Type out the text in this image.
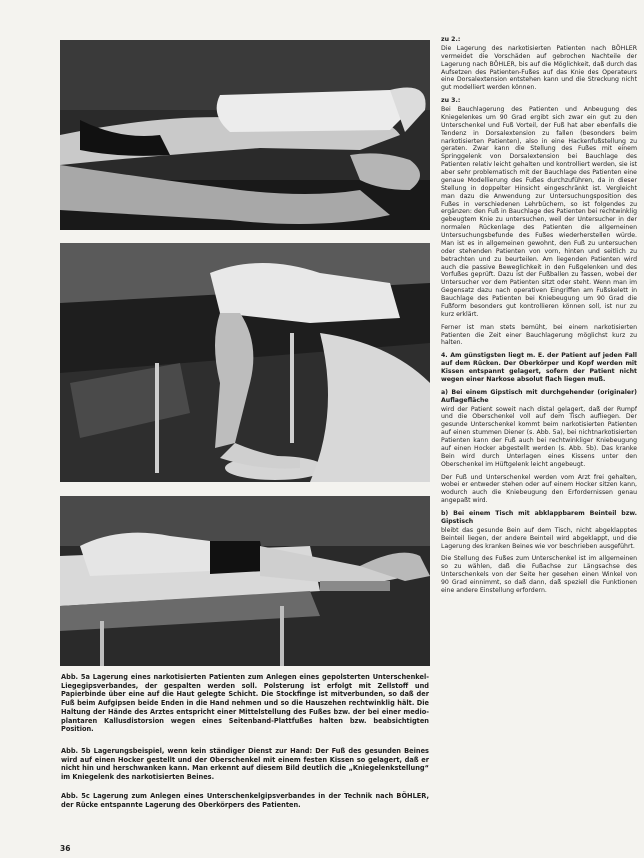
Abb. 5a Lagerung eines narkotisierten Patienten zum Anlegen eines gepolsterten Unterschenkel-Liegegipsverbandes, der gespalten werden soll. Polsterung ist erfolgt mit Zellstoff und Papierbinde über eine auf die Haut gelegte Schicht. Die Stockfinge ist mitverbunden, so daß der Fuß beim Aufgipsen beide Enden in die Hand nehmen und so die Hauszehen rechtwinklig hält. Die Haltung der Hände des Arztes entspricht einer Mittelstellung des Fußes bzw. der bei einer medio-plantaren Kallusdistorsion wegen eines Seitenband-Plattfußes halten bzw. beabsichtigten Position.
Abb. 5b Lagerungsbeispiel, wenn kein ständiger Dienst zur Hand: Der Fuß des gesunden Beines wird auf einen Hocker gestellt und der Oberschenkel mit einem festen Kissen so gelagert, daß er nicht hin und herschwanken kann. Man erkennt auf diesem Bild deutlich die „Kniegelenkstellung“ im Kniegelenk des narkotisierten Beines.
Abb. 5c Lagerung zum Anlegen eines Unterschenkelgipsverbandes in der Technik nach BÖHLER, der Rücke entspannte Lagerung des Oberkörpers des Patienten.
36

zu 2.:

Die Lagerung des narkotisierten Patienten nach BÖHLER vermeidet die Vorschäden auf gebrochen Nachteile der Lagerung nach BÖHLER, bis auf die Möglichkeit, daß durch das Aufsetzen des Patienten-Fußes auf das Knie des Operateurs eine Dorsalextension entstehen kann und die Streckung nicht gut modelliert werden können.

zu 3.:

Bei Bauchlagerung des Patienten und Anbeugung des Kniegelenkes um 90 Grad ergibt sich zwar ein gut zu den Unterschenkel und Fuß Vorteil, der Fuß hat aber ebenfalls die Tendenz in Dorsalextension zu fallen (besonders beim narkotisierten Patienten), also in eine Hackenfußstellung zu geraten. Zwar kann die Stellung des Fußes mit einem Springgelenk von Dorsalextension bei Bauchlage des Patienten relativ leicht gehalten und kontrolliert werden, sie ist aber sehr problematisch mit der Bauchlage des Patienten eine genaue Modellierung des Fußes durchzuführen, da in dieser Stellung in doppelter Hinsicht eingeschränkt ist. Vergleicht man dazu die Anwendung zur Untersuchungsposition des Fußes in verschiedenen Lehrbüchern, so ist folgendes zu ergänzen: den Fuß in Bauchlage des Patienten bei rechtwinklig gebeugtem Knie zu untersuchen, weil der Untersucher in der normalen Rückenlage des Patienten die allgemeinen Untersuchungsbefunde des Fußes wiederherstellen würde. Man ist es in allgemeinen gewohnt, den Fuß zu untersuchen oder stehenden Patienten von vorn, hinten und seitlich zu betrachten und zu beurteilen. Am liegenden Patienten wird auch die passive Beweglichkeit in den Fußgelenken und des Vorfußes geprüft. Dazu ist der Fußballen zu fassen, wobei der Untersucher vor dem Patienten sitzt oder steht. Wenn man im Gegensatz dazu nach operativen Eingriffen am Fußskelett in Bauchlage des Patienten bei Kniebeugung um 90 Grad die Fußform besonders gut kontrollieren können soll, ist nur zu kurz erklärt.

Ferner ist man stets bemüht, bei einem narkotisierten Patienten die Zeit einer Bauchlagerung möglichst kurz zu halten.

4. Am günstigsten liegt m. E. der Patient auf jeden Fall auf dem Rücken. Der Oberkörper und Kopf werden mit Kissen entspannt gelagert, sofern der Patient nicht wegen einer Narkose absolut flach liegen muß.

a) Bei einem Gipstisch mit durchgehender (originaler) Auflagefläche

wird der Patient soweit nach distal gelagert, daß der Rumpf und die Oberschenkel voll auf dem Tisch aufliegen. Der gesunde Unterschenkel kommt beim narkotisierten Patienten auf einen stummen Diener (s. Abb. 5a), bei nichtnarkotisierten Patienten kann der Fuß auch bei rechtwinkliger Kniebeugung auf einen Hocker abgestellt werden (s. Abb. 5b). Das kranke Bein wird durch Unterlagen eines Kissens unter den Oberschenkel im Hüftgelenk leicht angebeugt.

Der Fuß und Unterschenkel werden vom Arzt frei gehalten, wobei er entweder stehen oder auf einem Hocker sitzen kann, wodurch auch die Kniebeugung den Erfordernissen genau angepaßt wird.

b) Bei einem Tisch mit abklappbarem Beinteil bzw. Gipstisch

bleibt das gesunde Bein auf dem Tisch, nicht abgeklapptes Beinteil liegen, der andere Beinteil wird abgeklappt, und die Lagerung des kranken Beines wie vor beschrieben ausgeführt.

Die Stellung des Fußes zum Unterschenkel ist im allgemeinen so zu wählen, daß die Fußachse zur Längsachse des Unterschenkels von der Seite her gesehen einen Winkel von 90 Grad einnimmt, so daß dann, daß speziell die Funktionen eine andere Einstellung erfordern.
